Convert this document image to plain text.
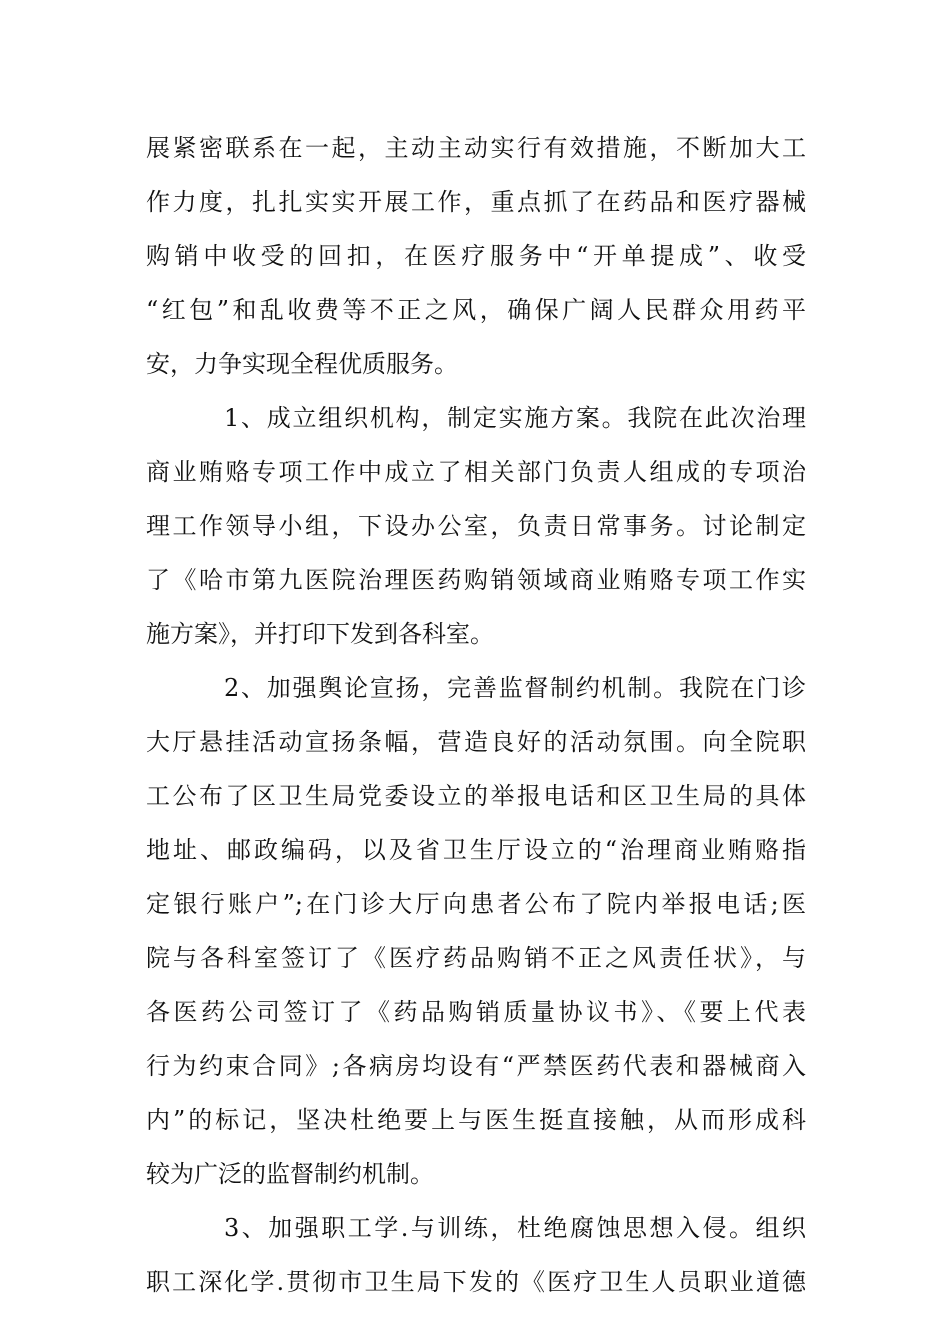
展紧密联系在一起，主动主动实行有效措施，不断加大工
作力度，扎扎实实开展工作，重点抓了在药品和医疗器械
购销中收受的回扣，在医疗服务中“开单提成”、收受
“红包”和乱收费等不正之风，确保广阔人民群众用药平
安，力争实现全程优质服务。
1、成立组织机构，制定实施方案。我院在此次治理
商业贿赂专项工作中成立了相关部门负责人组成的专项治
理工作领导小组，下设办公室，负责日常事务。讨论制定
了《哈市第九医院治理医药购销领域商业贿赂专项工作实
施方案》，并打印下发到各科室。
2、加强舆论宣扬，完善监督制约机制。我院在门诊
大厅悬挂活动宣扬条幅，营造良好的活动氛围。向全院职
工公布了区卫生局党委设立的举报电话和区卫生局的具体
地址、邮政编码，以及省卫生厅设立的“治理商业贿赂指
定银行账户”;在门诊大厅向患者公布了院内举报电话;医
院与各科室签订了《医疗药品购销不正之风责任状》，与
各医药公司签订了《药品购销质量协议书》、《要上代表
行为约束合同》;各病房均设有“严禁医药代表和器械商入
内”的标记，坚决杜绝要上与医生挺直接触，从而形成科
较为广泛的监督制约机制。
3、加强职工学.与训练，杜绝腐蚀思想入侵。组织
职工深化学.贯彻市卫生局下发的《医疗卫生人员职业道德
